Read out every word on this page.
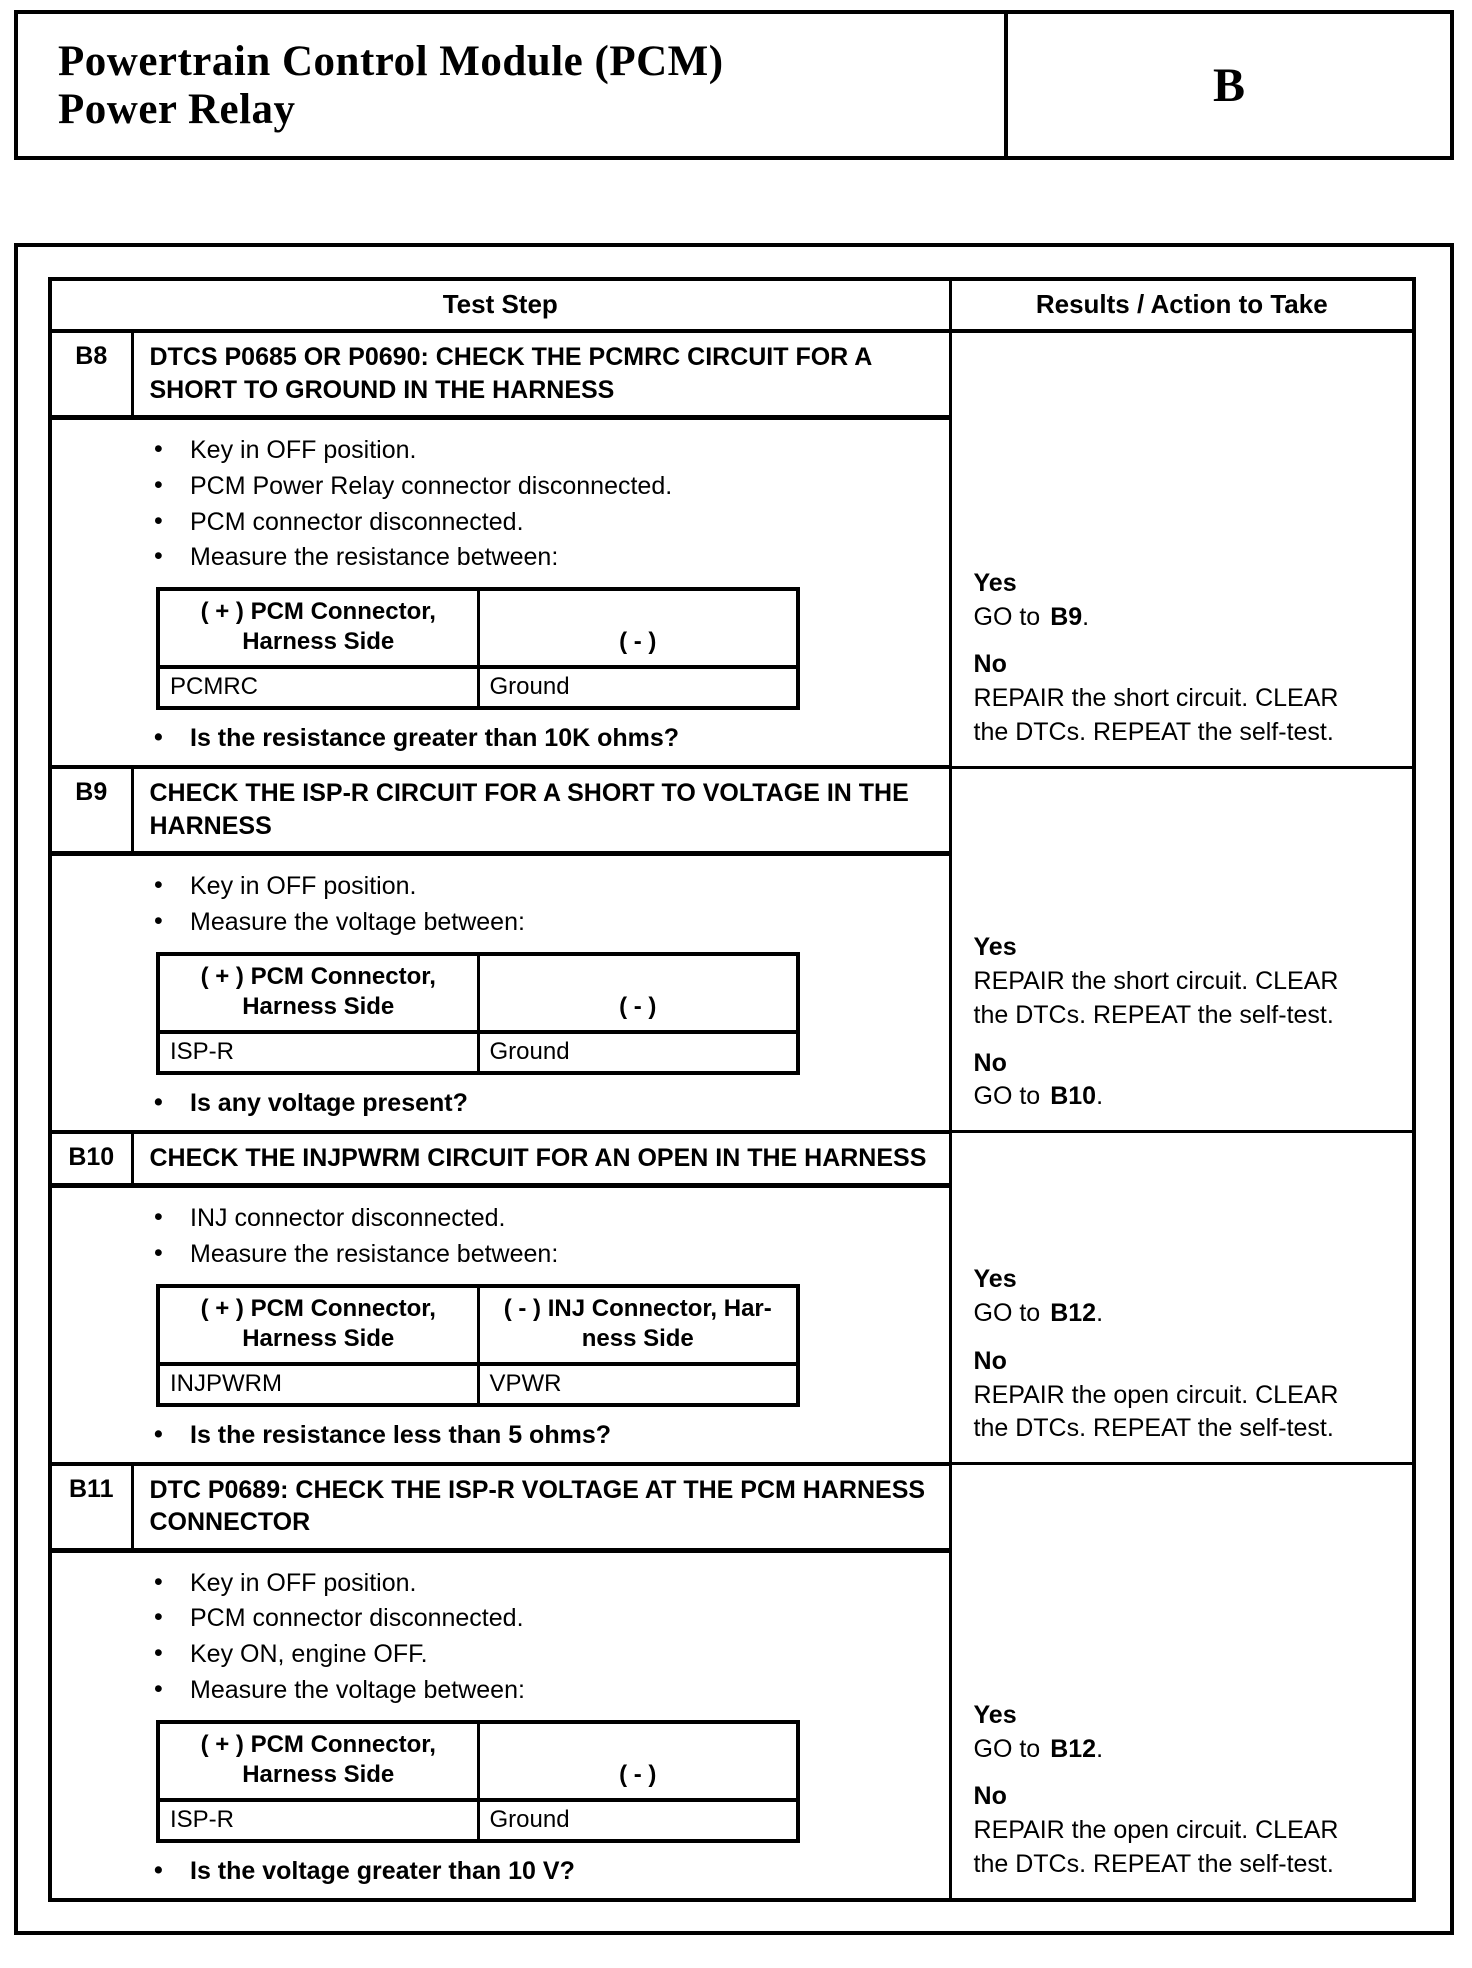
Powertrain Control Module (PCM)
Power Relay	B
Test Step	Results / Action to Take
B8	DTCS P0685 OR P0690: CHECK THE PCMRC CIRCUIT FOR A SHORT TO GROUND IN THE HARNESS	
Yes
GO to B9.
No
REPAIR the short circuit. CLEAR
the DTCs. REPEAT the self-test.

• Key in OFF position.
• PCM Power Relay connector disconnected.
• PCM connector disconnected.
• Measure the resistance between:
( + ) PCM Connector,
Harness Side	( - )
PCMRC	Ground
• Is the resistance greater than 10K ohms?

B9	CHECK THE ISP-R CIRCUIT FOR A SHORT TO VOLTAGE IN THE HARNESS	
Yes
REPAIR the short circuit. CLEAR
the DTCs. REPEAT the self-test.
No
GO to B10.

• Key in OFF position.
• Measure the voltage between:
( + ) PCM Connector,
Harness Side	( - )
ISP-R	Ground
• Is any voltage present?

B10	CHECK THE INJPWRM CIRCUIT FOR AN OPEN IN THE HARNESS	
Yes
GO to B12.
No
REPAIR the open circuit. CLEAR
the DTCs. REPEAT the self-test.

• INJ connector disconnected.
• Measure the resistance between:
( + ) PCM Connector,
Harness Side	( - ) INJ Connector, Har-
ness Side
INJPWRM	VPWR
• Is the resistance less than 5 ohms?

B11	DTC P0689: CHECK THE ISP-R VOLTAGE AT THE PCM HARNESS CONNECTOR	
Yes
GO to B12.
No
REPAIR the open circuit. CLEAR
the DTCs. REPEAT the self-test.

• Key in OFF position.
• PCM connector disconnected.
• Key ON, engine OFF.
• Measure the voltage between:
( + ) PCM Connector,
Harness Side	( - )
ISP-R	Ground
• Is the voltage greater than 10 V?
